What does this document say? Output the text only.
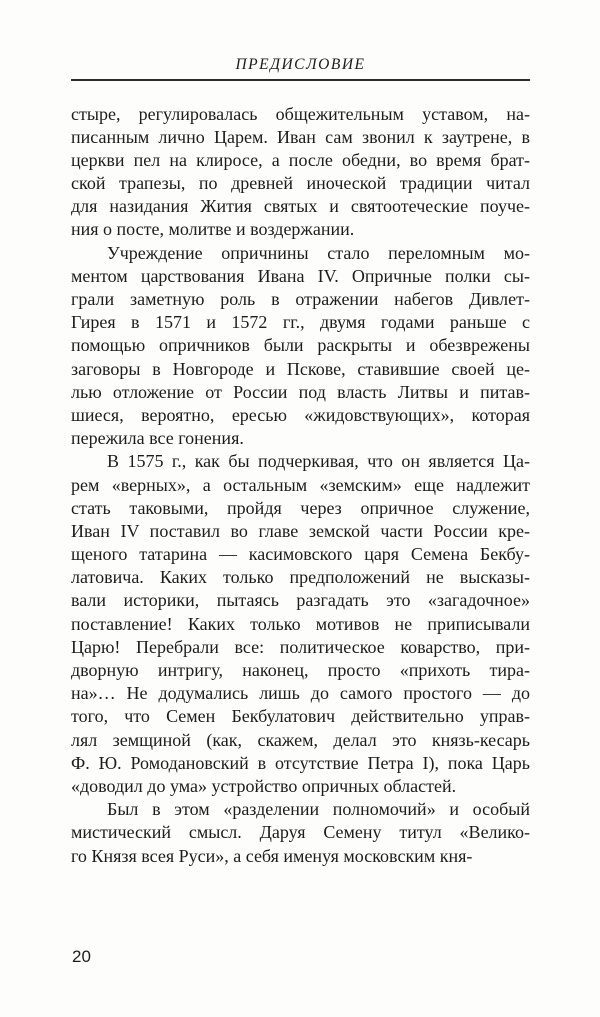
ПРЕДИСЛОВИЕ

стыре, регулировалась общежительным уставом, на-
писанным лично Царем. Иван сам звонил к заутрене, в
церкви пел на клиросе, а после обедни, во время брат-
ской трапезы, по древней иноческой традиции читал
для назидания Жития святых и святоотеческие поуче-
ния о посте, молитве и воздержании.

Учреждение опричнины стало переломным мо-
ментом царствования Ивана IV. Опричные полки сы-
грали заметную роль в отражении набегов Дивлет-
Гирея в 1571 и 1572 гг., двумя годами раньше с
помощью опричников были раскрыты и обезврежены
заговоры в Новгороде и Пскове, ставившие своей це-
лью отложение от России под власть Литвы и питав-
шиеся, вероятно, ересью «жидовствующих», которая
пережила все гонения.

В 1575 г., как бы подчеркивая, что он является Ца-
рем «верных», а остальным «земским» еще надлежит
стать таковыми, пройдя через опричное служение,
Иван IV поставил во главе земской части России кре-
щеного татарина — касимовского царя Семена Бекбу-
латовича. Каких только предположений не высказы-
вали историки, пытаясь разгадать это «загадочное»
поставление! Каких только мотивов не приписывали
Царю! Перебрали все: политическое коварство, при-
дворную интригу, наконец, просто «прихоть тира-
на»… Не додумались лишь до самого простого — до
того, что Семен Бекбулатович действительно управ-
лял земщиной (как, скажем, делал это князь-кесарь
Ф. Ю. Ромодановский в отсутствие Петра I), пока Царь
«доводил до ума» устройство опричных областей.

Был в этом «разделении полномочий» и особый
мистический смысл. Даруя Семену титул «Велико-
го Князя всея Руси», а себя именуя московским кня-

20
